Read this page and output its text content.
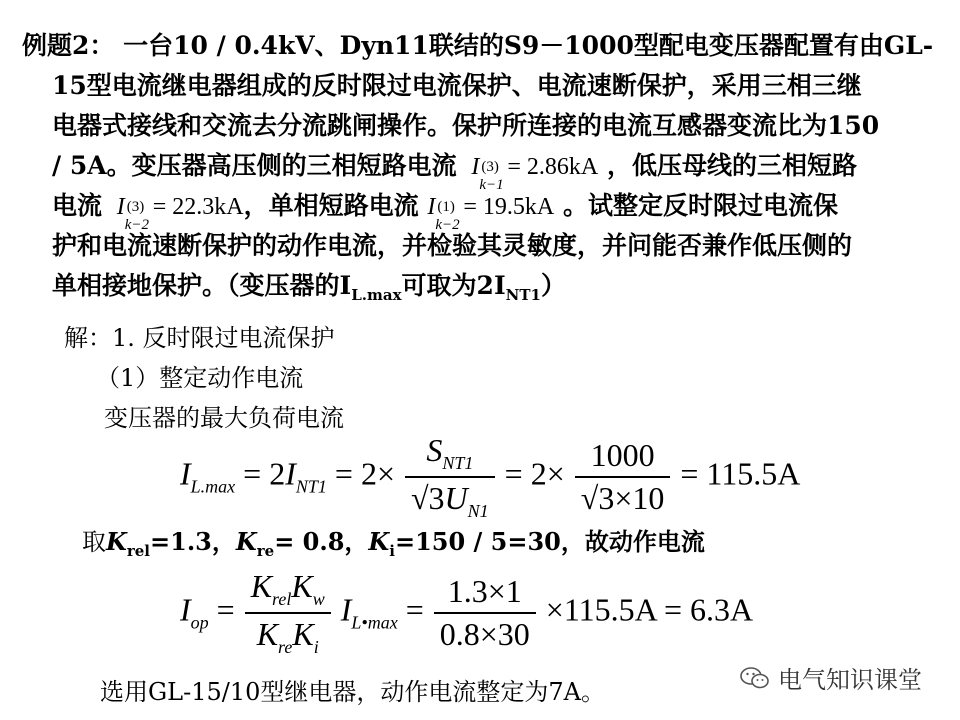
例题2： 一台10 / 0.4kV、Dyn11联结的S9－1000型配电变压器配置有由GL-
15型电流继电器组成的反时限过电流保护、电流速断保护，采用三相三继
电器式接线和交流去分流跳闸操作。保护所连接的电流互感器变流比为150
/ 5A。变压器高压侧的三相短路电流  I (3)
k−1
= 2.86kA ，低压母线的三相短路
电流  I (3)
k−2
= 22.3kA，单相短路电流 I (1)
k−2
= 19.5kA 。试整定反时限过电流保
护和电流速断保护的动作电流，并检验其灵敏度，并问能否兼作低压侧的
单相接地保护。（变压器的$I_{L.max}$可取为$2I_{NT1}$）
解：1. 反时限过电流保护
（1）整定动作电流
变压器的最大负荷电流
$I_{L.max} = 2I_{NT1} = 2\times \frac{S_{NT1}}{√3U_{N1}} = 2\times \frac{1000}{√3\times 10} = 115.5A$
取$K_{rel}=1.3$，$K_{re}= 0.8$，$K_i=150 / 5=30$，故动作电流
$I_{op} = \frac{K_{rel}K_w}{K_{re}K_i} I_{L•max} = \frac{1.3\times 1}{0.8\times 30} \times 115.5A = 6.3A$
选用GL-15/10型继电器，动作电流整定为7A。	电气知识课堂
